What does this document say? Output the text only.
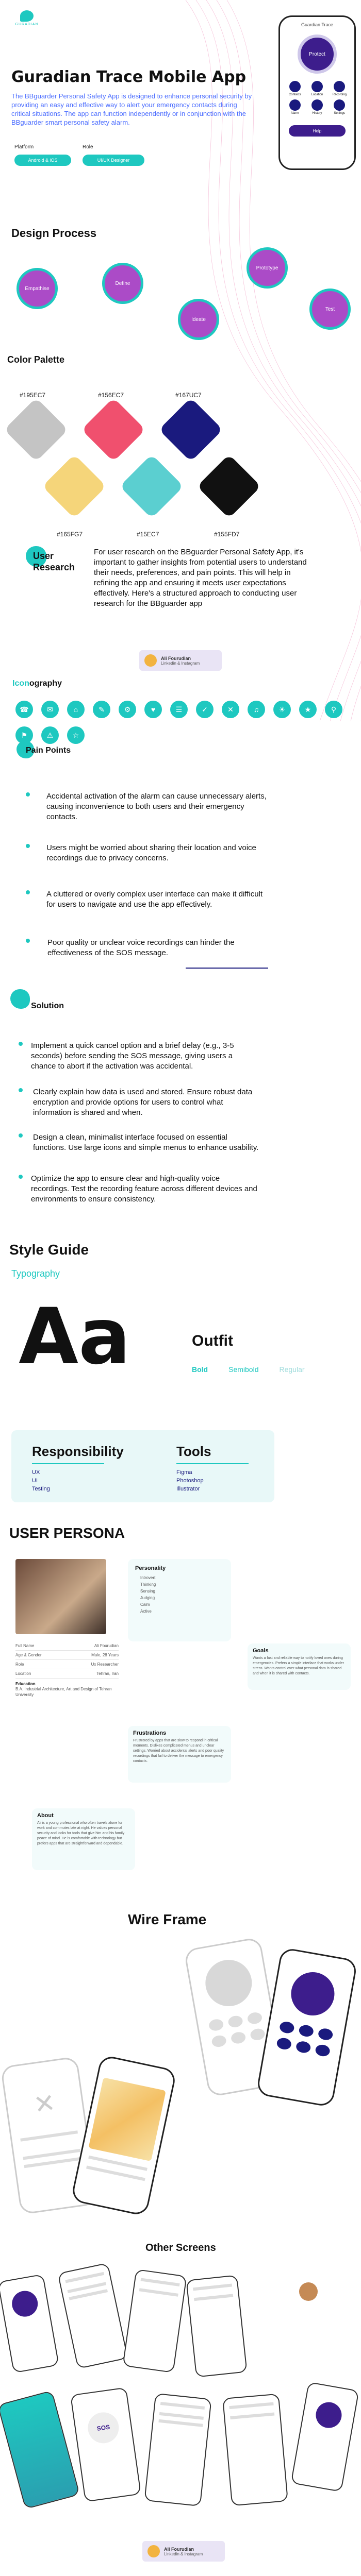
GURADIAN
Guradian Trace Mobile App
The BBguarder Personal Safety App is designed to enhance personal security by providing an easy and effective way to alert your emergency contacts during critical situations. The app can function independently or in conjunction with the BBguarder smart personal safety alarm.
Platform	Role
Android & iOS	UI/UX Designer
Guardian Trace
Protect
Contacts	Location	Recording
Alarm	History	Settings
Help
Design Process
Empathise
Define
Ideate
Prototype
Test
Color Palette
#195EC7	#156EC7	#167UC7
#165FG7	#15EC7	#155FD7
User
Research
For user research on the BBguarder Personal Safety App, it's important to gather insights from potential users to understand their needs, preferences, and pain points. This will help in refining the app and ensuring it meets user expectations effectively. Here's a structured approach to conducting user research for the BBguarder app
Ali Fourudian
Linkedin & Instagram
Iconography
☎	✉	⌂	✎	⚙	♥	☰	✓	✕	♫	☀	★	⚲
⚑	⚠	☆
Pain Points
Accidental activation of the alarm can cause unnecessary alerts, causing inconvenience to both users and their emergency contacts.
Users might be worried about sharing their location and voice recordings due to privacy concerns.
A cluttered or overly complex user interface can make it difficult for users to navigate and use the app effectively.
Poor quality or unclear voice recordings can hinder the effectiveness of the SOS message.
Solution
Implement a quick cancel option and a brief delay (e.g., 3-5 seconds) before sending the SOS message, giving users a chance to abort if the activation was accidental.
Clearly explain how data is used and stored. Ensure robust data encryption and provide options for users to control what information is shared and when.
Design a clean, minimalist interface focused on essential functions. Use large icons and simple menus to enhance usability.
Optimize the app to ensure clear and high-quality voice recordings. Test the recording feature across different devices and environments to ensure consistency.
Style Guide
Typography
Aa	Outfit
Bold	Semibold	Regular
Responsibility
UX
UI
Testing
Tools
Figma
Photoshop
Illustrator
USER PERSONA
Personality
Introvert
Thinking
Sensing
Judging
Calm
Active
Full Name	Ali Fourudian
Age & Gender	Male, 28 Years
Role	Ux Researcher
Location	Tehran, Iran
Education
B.A. Industrial Architecture, Art and Design of Tehran University
Goals
Wants a fast and reliable way to notify loved ones during emergencies. Prefers a simple interface that works under stress. Wants control over what personal data is shared and when it is shared with contacts.
Frustrations
Frustrated by apps that are slow to respond in critical moments. Dislikes complicated menus and unclear settings. Worried about accidental alerts and poor quality recordings that fail to deliver the message to emergency contacts.
About
Ali is a young professional who often travels alone for work and commutes late at night. He values personal security and looks for tools that give him and his family peace of mind. He is comfortable with technology but prefers apps that are straightforward and dependable.
Wire Frame
✕
Other Screens
SOS
Ali Fourudian
Linkedin & Instagram
